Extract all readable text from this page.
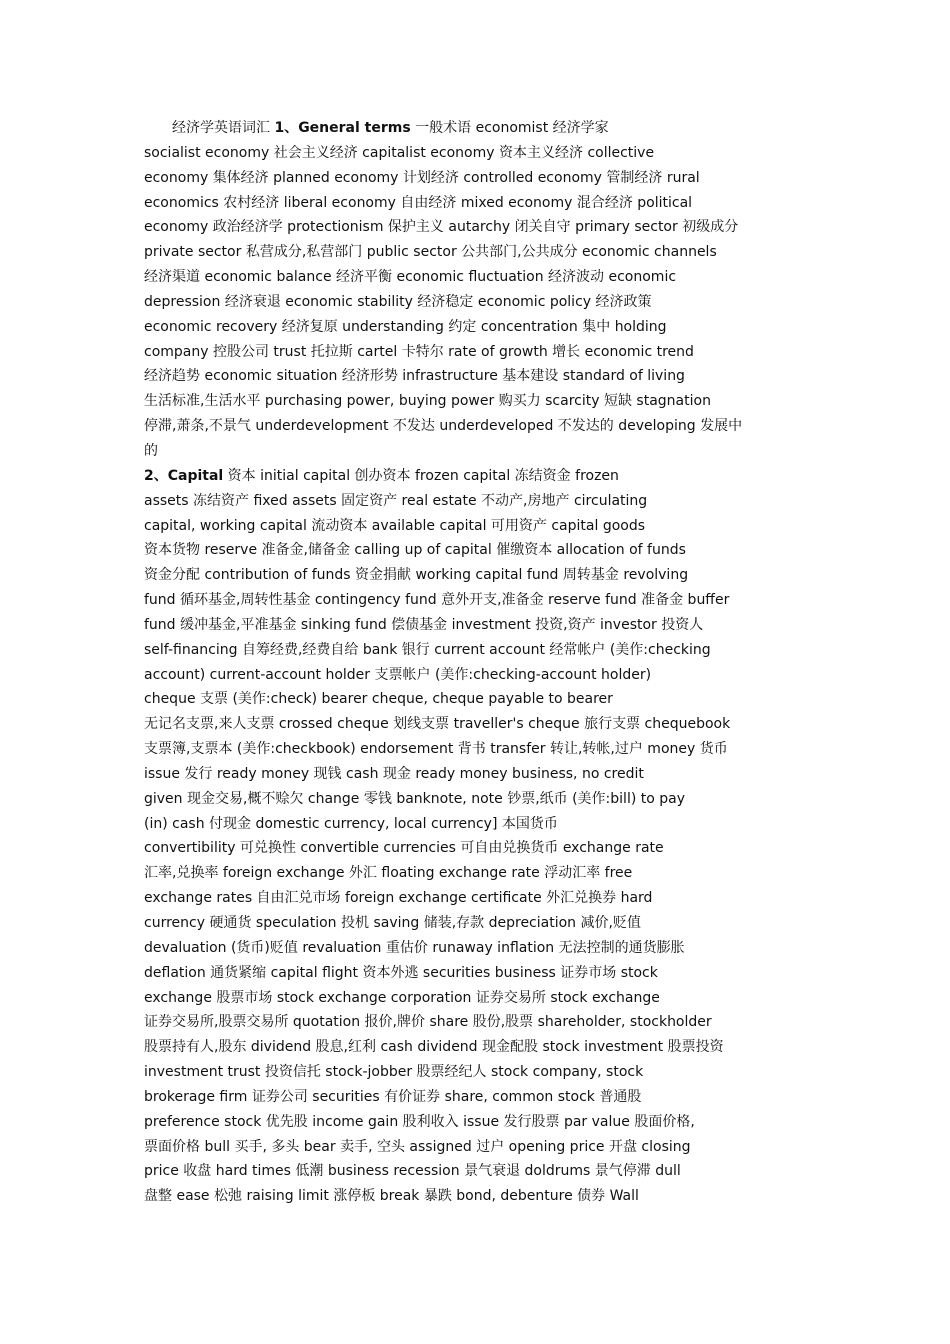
　　经济学英语词汇 1、General terms 一般术语 economist 经济学家
socialist economy 社会主义经济 capitalist economy 资本主义经济 collective
economy 集体经济 planned economy 计划经济 controlled economy 管制经济 rural
economics 农村经济 liberal economy 自由经济 mixed economy 混合经济 political
economy 政治经济学 protectionism 保护主义 autarchy 闭关自守 primary sector 初级成分
private sector 私营成分,私营部门 public sector 公共部门,公共成分 economic channels
经济渠道 economic balance 经济平衡 economic fluctuation 经济波动 economic
depression 经济衰退 economic stability 经济稳定 economic policy 经济政策
economic recovery 经济复原 understanding 约定 concentration 集中 holding
company 控股公司 trust 托拉斯 cartel 卡特尔 rate of growth 增长 economic trend
经济趋势 economic situation 经济形势 infrastructure 基本建设 standard of living
生活标准,生活水平 purchasing power, buying power 购买力 scarcity 短缺 stagnation
停滞,萧条,不景气 underdevelopment 不发达 underdeveloped 不发达的 developing 发展中
的
2、Capital 资本 initial capital 创办资本 frozen capital 冻结资金 frozen
assets 冻结资产 fixed assets 固定资产 real estate 不动产,房地产 circulating
capital, working capital 流动资本 available capital 可用资产 capital goods
资本货物 reserve 准备金,储备金 calling up of capital 催缴资本 allocation of funds
资金分配 contribution of funds 资金捐献 working capital fund 周转基金 revolving
fund 循环基金,周转性基金 contingency fund 意外开支,准备金 reserve fund 准备金 buffer
fund 缓冲基金,平准基金 sinking fund 偿债基金 investment 投资,资产 investor 投资人
self-financing 自筹经费,经费自给 bank 银行 current account 经常帐户 (美作:checking
account) current-account holder 支票帐户 (美作:checking-account holder)
cheque 支票 (美作:check) bearer cheque, cheque payable to bearer
无记名支票,来人支票 crossed cheque 划线支票 traveller's cheque 旅行支票 chequebook
支票簿,支票本 (美作:checkbook) endorsement 背书 transfer 转让,转帐,过户 money 货币
issue 发行 ready money 现钱 cash 现金 ready money business, no credit
given 现金交易,概不赊欠 change 零钱 banknote, note 钞票,纸币 (美作:bill) to pay
(in) cash 付现金 domestic currency, local currency] 本国货币
convertibility 可兑换性 convertible currencies 可自由兑换货币 exchange rate
汇率,兑换率 foreign exchange 外汇 floating exchange rate 浮动汇率 free
exchange rates 自由汇兑市场 foreign exchange certificate 外汇兑换券 hard
currency 硬通货 speculation 投机 saving 储装,存款 depreciation 减价,贬值
devaluation (货币)贬值 revaluation 重估价 runaway inflation 无法控制的通货膨胀
deflation 通货紧缩 capital flight 资本外逃 securities business 证券市场 stock
exchange 股票市场 stock exchange corporation 证券交易所 stock exchange
证券交易所,股票交易所 quotation 报价,牌价 share 股份,股票 shareholder, stockholder
股票持有人,股东 dividend 股息,红利 cash dividend 现金配股 stock investment 股票投资
investment trust 投资信托 stock-jobber 股票经纪人 stock company, stock
brokerage firm 证券公司 securities 有价证券 share, common stock 普通股
preference stock 优先股 income gain 股利收入 issue 发行股票 par value 股面价格,
票面价格 bull 买手, 多头 bear 卖手, 空头 assigned 过户 opening price 开盘 closing
price 收盘 hard times 低潮 business recession 景气衰退 doldrums 景气停滞 dull
盘整 ease 松弛 raising limit 涨停板 break 暴跌 bond, debenture 债券 Wall
